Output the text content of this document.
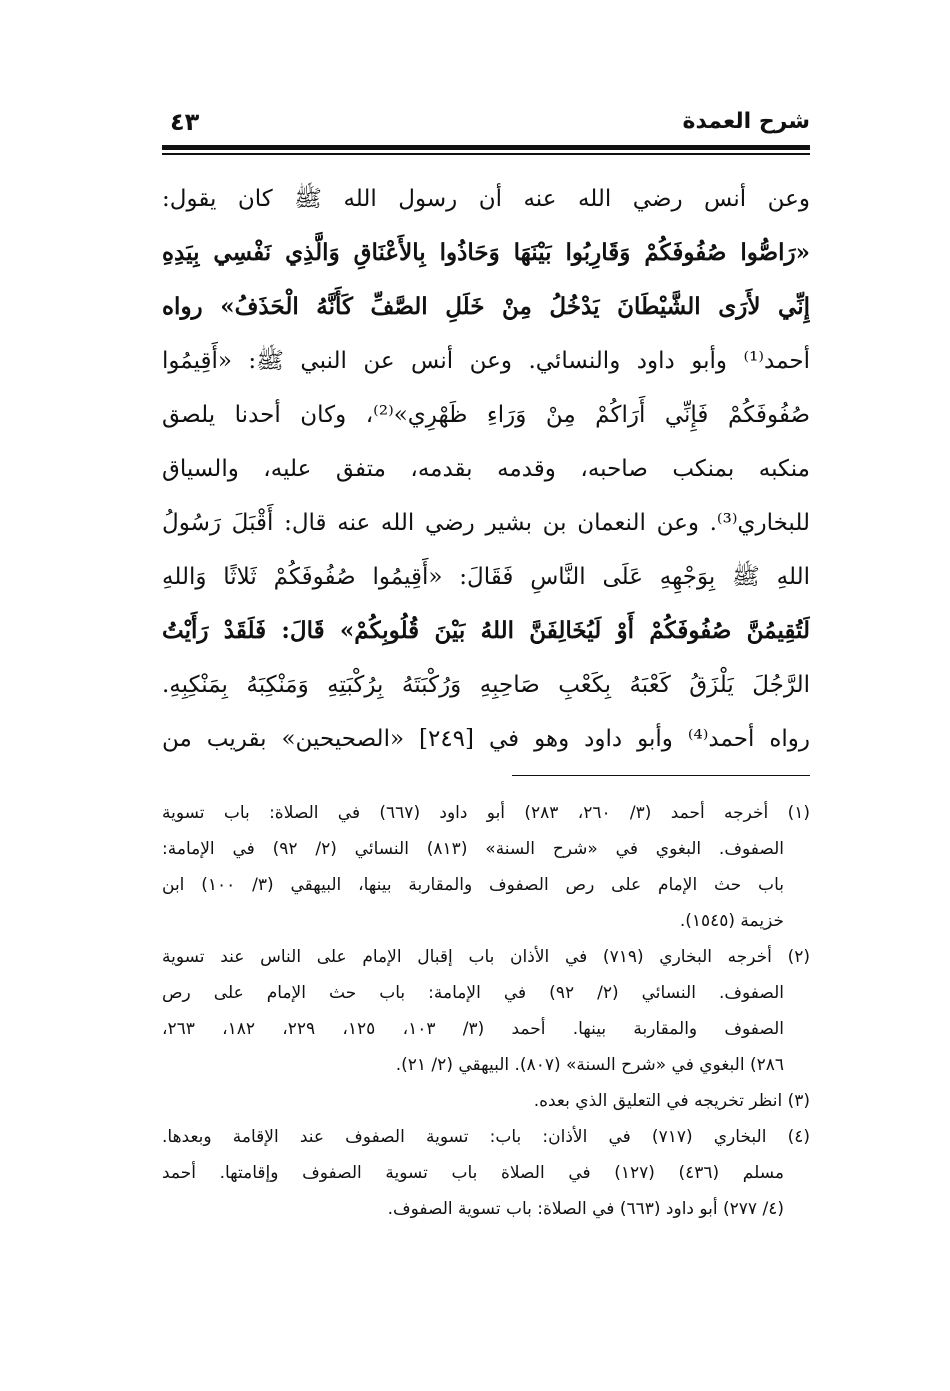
شرح العمدة
٤٣
وعن أنس رضي الله عنه أن رسول الله ﷺ كان يقول:
«رَاصُّوا صُفُوفَكُمْ وَقَارِبُوا بَيْنَهَا وَحَاذُوا بِالأَعْنَاقِ وَالَّذِي نَفْسِي بِيَدِهِ
إِنِّي لأَرَى الشَّيْطَانَ يَدْخُلُ مِنْ خَلَلِ الصَّفِّ كَأَنَّهُ الْحَذَفُ» رواه
أحمد⁽¹⁾ وأبو داود والنسائي. وعن أنس عن النبي ﷺ: «أَقِيمُوا
صُفُوفَكُمْ فَإِنِّي أَرَاكُمْ مِنْ وَرَاءِ ظَهْرِي»⁽²⁾، وكان أحدنا يلصق
منكبه بمنكب صاحبه، وقدمه بقدمه، متفق عليه، والسياق
للبخاري⁽³⁾. وعن النعمان بن بشير رضي الله عنه قال: أَقْبَلَ رَسُولُ
اللهِ ﷺ بِوَجْهِهِ عَلَى النَّاسِ فَقَالَ: «أَقِيمُوا صُفُوفَكُمْ ثَلاثًا وَاللهِ
لَتُقِيمُنَّ صُفُوفَكُمْ أَوْ لَيُخَالِفَنَّ اللهُ بَيْنَ قُلُوبِكُمْ» قَالَ: فَلَقَدْ رَأَيْتُ
الرَّجُلَ يَلْزَقُ كَعْبَهُ بِكَعْبِ صَاحِبِهِ وَرُكْبَتَهُ بِرُكْبَتِهِ وَمَنْكِبَهُ بِمَنْكِبِهِ.
رواه أحمد⁽⁴⁾ وأبو داود وهو في [٢٤٩] «الصحيحين» بقريب من
(١) أخرجه أحمد (٣/ ٢٦٠، ٢٨٣) أبو داود (٦٦٧) في الصلاة: باب تسوية
الصفوف. البغوي في «شرح السنة» (٨١٣) النسائي (٢/ ٩٢) في الإمامة:
باب حث الإمام على رص الصفوف والمقاربة بينها، البيهقي (٣/ ١٠٠) ابن
خزيمة (١٥٤٥).
(٢) أخرجه البخاري (٧١٩) في الأذان باب إقبال الإمام على الناس عند تسوية
الصفوف. النسائي (٢/ ٩٢) في الإمامة: باب حث الإمام على رص
الصفوف والمقاربة بينها. أحمد (٣/ ١٠٣، ١٢٥، ٢٢٩، ١٨٢، ٢٦٣،
٢٨٦) البغوي في «شرح السنة» (٨٠٧). البيهقي (٢/ ٢١).
(٣) انظر تخريجه في التعليق الذي بعده.
(٤) البخاري (٧١٧) في الأذان: باب: تسوية الصفوف عند الإقامة وبعدها.
مسلم (٤٣٦) (١٢٧) في الصلاة باب تسوية الصفوف وإقامتها. أحمد
(٤/ ٢٧٧) أبو داود (٦٦٣) في الصلاة: باب تسوية الصفوف.
